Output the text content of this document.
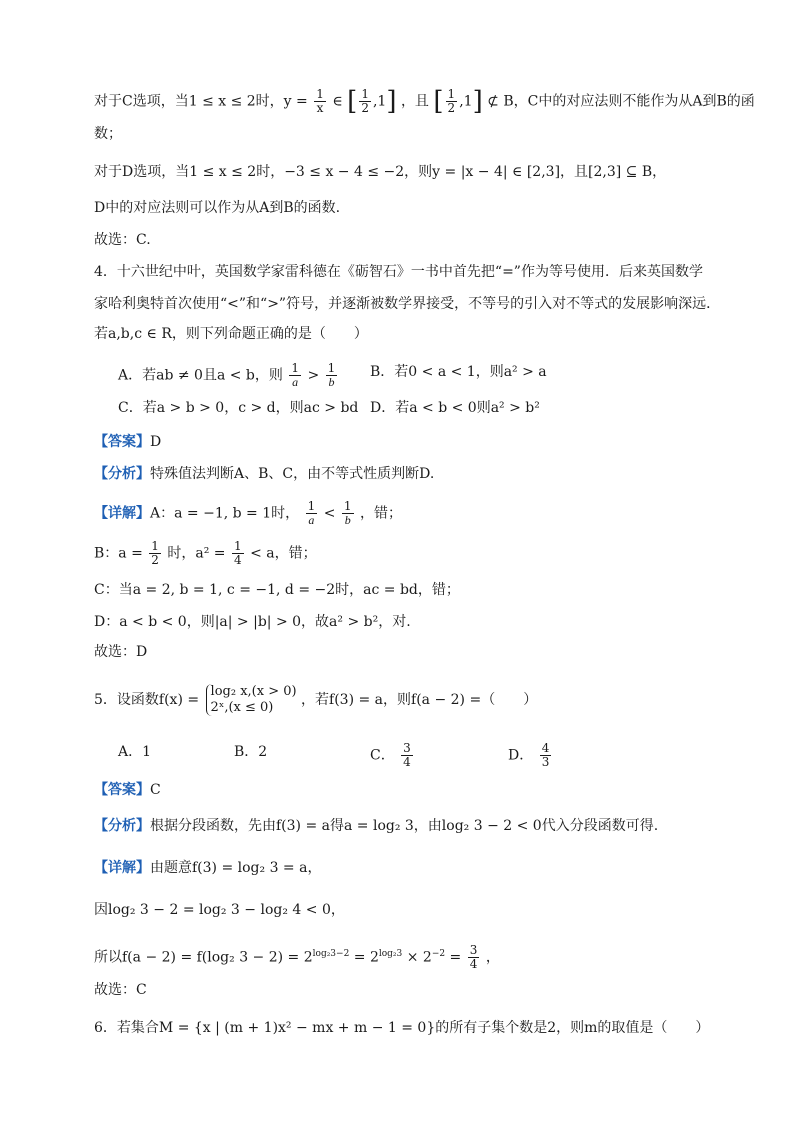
对于C选项，当1 ≤ x ≤ 2时，$y = \frac{1}{x}$ ∈ [ $\frac{1}{2} ,1$] ，且 [ $\frac{1}{2} ,1$] ⊄ B，C中的对应法则不能作为从A到B的函
数；
对于D选项，当1 ≤ x ≤ 2时，−3 ≤ x − 4 ≤ −2，则y = |x − 4| ∈ [2,3]，且[2,3] ⊆ B，
D中的对应法则可以作为从A到B的函数.
故选：C.
4．十六世纪中叶，英国数学家雷科德在《砺智石》一书中首先把“=”作为等号使用．后来英国数学
家哈利奥特首次使用“<”和“>”符号，并逐渐被数学界接受，不等号的引入对不等式的发展影响深远．
若a,b,c ∈ R，则下列命题正确的是（　　）
A．若ab ≠ 0且a < b，则 $\frac{1}{a} > \frac{1}{b}$ B．若0 < a < 1，则a² > a
C．若a > b > 0，c > d，则ac > bd D．若a < b < 0则a² > b²
【答案】D
【分析】特殊值法判断A、B、C，由不等式性质判断D.
【详解】A：a = −1, b = 1时， $\frac{1}{a} < \frac{1}{b}$ ，错；
B：$a = \frac{1}{2}$ 时，$a^2 = \frac{1}{4} < a$，错；
C：当a = 2, b = 1, c = −1, d = −2时，ac = bd，错；
D：a < b < 0，则|a| > |b| > 0，故a² > b²，对.
故选：D
5．设函数f(x) =
log₂ x,(x > 0)
2ˣ,(x ≤ 0)	，若f(3) = a，则f(a − 2) =（　　）
A．1	B．2	C． $\frac{3}{4}$	D． $\frac{4}{3}$
【答案】C
【分析】根据分段函数，先由f(3) = a得a = log₂ 3，由log₂ 3 − 2 < 0代入分段函数可得.
【详解】由题意f(3) = log₂ 3 = a，
因log₂ 3 − 2 = log₂ 3 − log₂ 4 < 0，
所以f(a − 2) = f(log₂ $3 - 2) = 2^{log_23-2} = 2^{log_23} \times 2^{-2} = \frac{3}{4}$ ，
故选：C
6．若集合M = {x | (m + 1)x² − mx + m − 1 = 0}的所有子集个数是2，则m的取值是（　　）
